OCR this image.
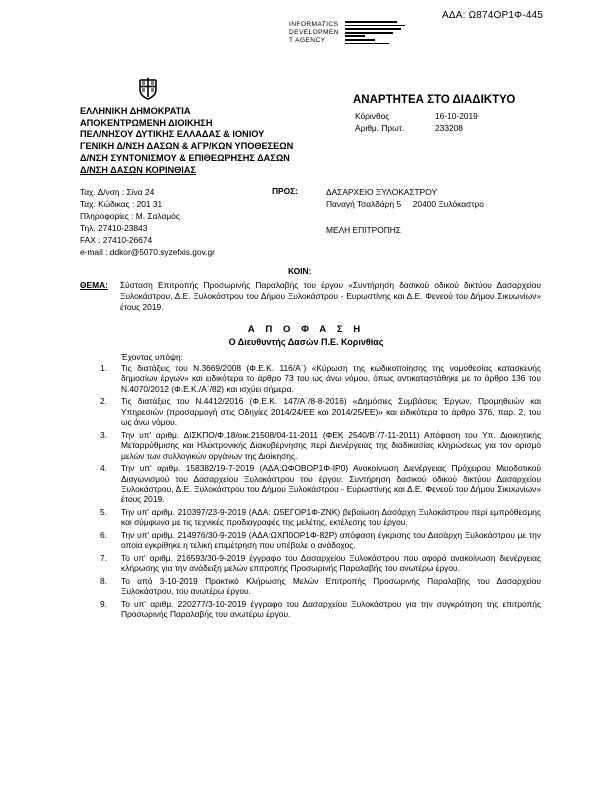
ΑΔΑ: Ω874ΟΡ1Φ-445
INFORMATICS
DEVELOPMEN
T AGENCY
ΑΝΑΡΤΗΤΕΑ ΣΤΟ ΔΙΑΔΙΚΤΥΟ
Κόρινθος	16-10-2019
Αριθμ. Πρωτ.	233208
ΕΛΛΗΝΙΚΗ ΔΗΜΟΚΡΑΤΙΑ
ΑΠΟΚΕΝΤΡΩΜΕΝΗ ΔΙΟΙΚΗΣΗ
ΠΕΛ/ΝΗΣΟΥ ΔΥΤΙΚΗΣ ΕΛΛΑΔΑΣ & ΙΟΝΙΟΥ
ΓΕΝΙΚΗ Δ/ΝΣΗ ΔΑΣΩΝ & ΑΓΡ/ΚΩΝ ΥΠΟΘΕΣΕΩΝ
Δ/ΝΣΗ ΣΥΝΤΟΝΙΣΜΟΥ & ΕΠΙΘΕΩΡΗΣΗΣ ΔΑΣΩΝ
Δ/ΝΣΗ ΔΑΣΩΝ ΚΟΡΙΝΘΙΑΣ
Ταχ. Δ/νση : Σίνα 24
Ταχ. Κώδικας : 201 31
Πληροφορίες : Μ. Σαλαμός
Τηλ. 27410-23843
FAX : 27410-26674
e-mail : ddkor@5070.syzefxis.gov.gr
ΠΡΟΣ:	ΔΑΣΑΡΧΕΙΟ ΞΥΛΟΚΑΣΤΡΟΥ
Παναγή Τσαλδάρη 5     20400 Ξυλόκαστρο
ΜΕΛΗ ΕΠΙΤΡΟΠΗΣ
ΚΟΙΝ:
ΘΕΜΑ: Σύσταση Επιτροπής Προσωρινής Παραλαβής του έργου «Συντήρηση δασικού οδικού δικτύου Δασαρχείου Ξυλοκάστρου, Δ.Ε. Ξυλοκάστρου του Δήμου Ξυλοκάστρου - Ευρωστίνης και Δ.Ε. Φενεού του Δήμου Σικυωνίων» έτους 2019.
Α Π Ο Φ Α Σ Η
Ο Διευθυντής Δασών Π.Ε. Κορινθίας
Έχοντας υπόψη:
1. Τις διατάξεις του Ν.3669/2008 (Φ.Ε.Κ. 116/Α΄) «Κύρωση της κωδικοποίησης της νομοθεσίας κατασκευής δημοσίων έργων» και ειδικότερα το άρθρο 73 του ως άνω νόμου, όπως αντικαταστάθηκε με το άρθρο 136 του Ν.4070/2012 (Φ.Ε.Κ./Α΄/82) και ισχύει σήμερα.
2. Τις διατάξεις του Ν.4412/2016 (Φ.Ε.Κ. 147/Α΄/8-8-2016) «Δημόσιες Συμβάσεις Έργων, Προμηθειών και Υπηρεσιών (προσαρμογή στις Οδηγίες 2014/24/ΕΕ και 2014/25/ΕΕ)» και ειδικότερα το άρθρο 376, παρ. 2, του ως άνω νόμου.
3. Την υπ' αριθμ. ΔΙΣΚΠΟ/Φ.18/οικ.21508/04-11-2011 (ΦΕΚ 2540/Β΄/7-11-2011) Απόφαση του Υπ. Διοικητικής Μεταρρύθμισης και Ηλεκτρονικής Διακυβέρνησης περί Διενέργειας της διαδικασίας κληρώσεως για τον ορισμό μελών των συλλογικών οργάνων της Διοίκησης.
4. Την υπ' αριθμ. 158382/19-7-2019 (ΑΔΑ:ΩΦΟΒΟΡ1Φ-ΙΡ0) Ανακοίνωση Διενέργειας Πρόχειρου Μειοδοτικού Διαγωνισμού του Δασαρχείου Ξυλοκάστρου του έργου: Συντήρηση δασικού οδικού δικτύου Δασαρχείου Ξυλοκάστρου, Δ.Ε. Ξυλοκάστρου του Δήμου Ξυλοκάστρου - Ευρωστίνης και Δ.Ε. Φενεού του Δήμου Σικυωνίων» έτους 2019.
5. Την υπ' αριθμ. 210397/23-9-2019 (ΑΔΑ: Ω5ΕΓΟΡ1Φ-ΖΝΚ) βεβαίωση Δασάρχη Ξυλοκάστρου περί εμπρόθεσμης και σύμφωνα με τις τεχνικές προδιαγραφές της μελέτης, εκτέλεσης του έργου.
6. Την υπ' αριθμ. 214976/30-9-2019 (ΑΔΑ:ΩΧΠ0ΟΡ1Φ-82Ρ) απόφαση έγκρισης του Δασάρχη Ξυλοκάστρου με την οποία εγκρίθηκε η τελική επιμέτρηση που υπέβαλε ο ανάδοχος.
7. Το υπ' αριθμ. 216593/30-9-2019 έγγραφο του Δασαρχείου Ξυλοκάστρου που αφορά ανακοίνωση διενέργειας κλήρωσης για την ανάδειξη μελών επιτροπής Προσωρινής Παραλαβής του ανωτέρω έργου.
8. Το από 3-10-2019 Πρακτικό Κλήρωσης Μελών Επιτροπής Προσωρινής Παραλαβής του Δασαρχείου Ξυλοκάστρου, του ανωτέρω έργου.
9. Το υπ' αριθμ. 220277/3-10-2019 έγγραφο του Δασαρχείου Ξυλοκάστρου για την συγκρότηση της επιτροπής Προσωρινής Παραλαβής του ανωτέρω έργου.
